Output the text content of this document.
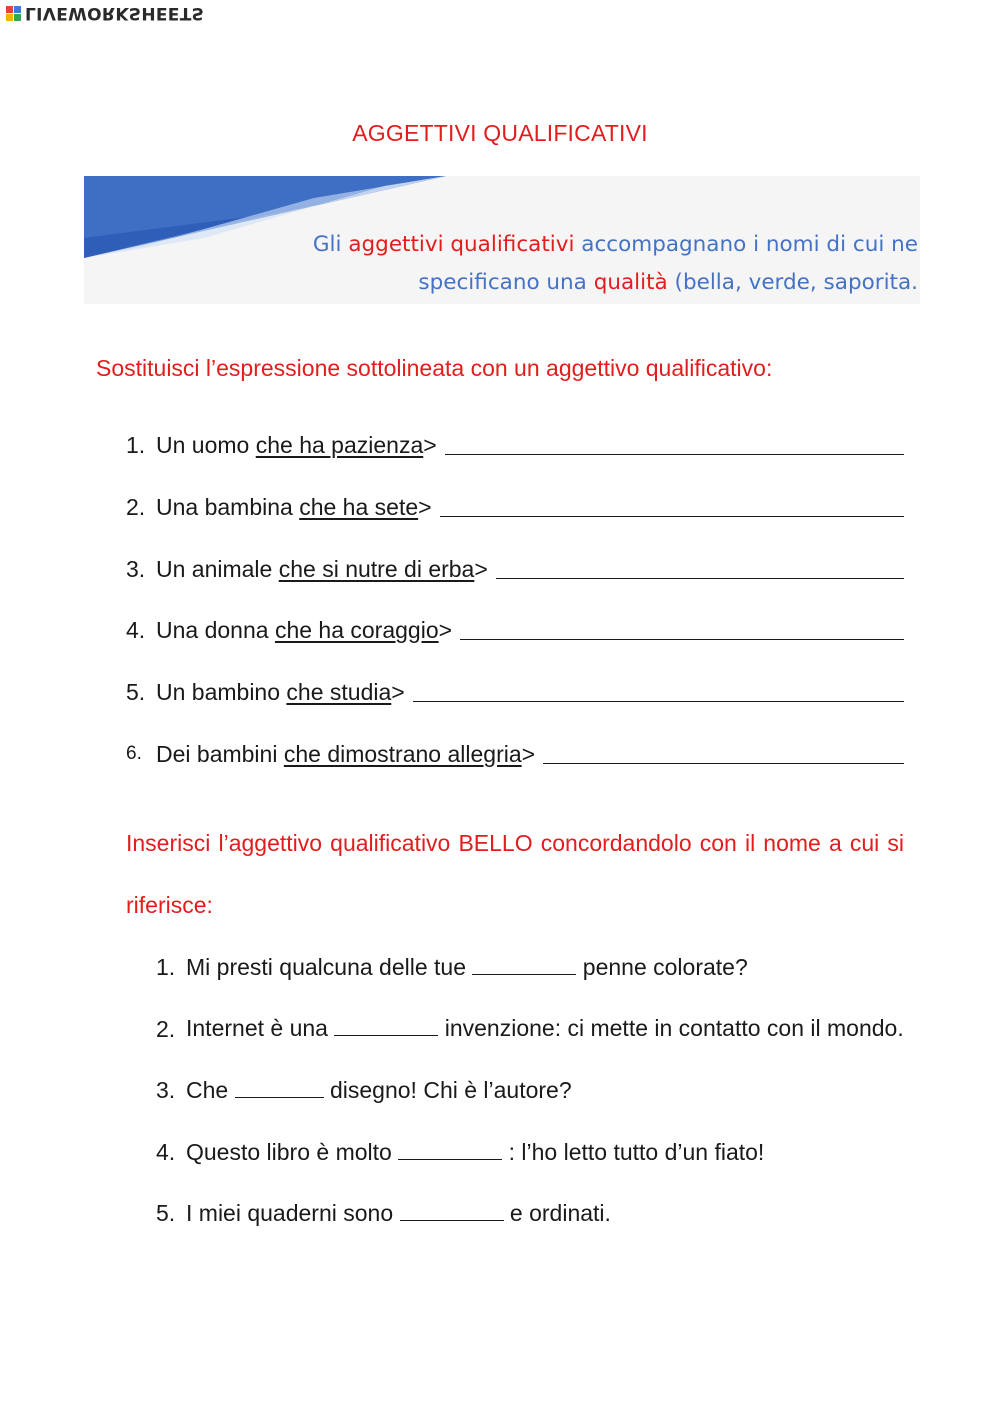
LIVEWORKSHEETS
AGGETTIVI QUALIFICATIVI
Gli aggettivi qualificativi accompagnano i nomi di cui ne
specificano una qualità (bella, verde, saporita.
Sostituisci l’espressione sottolineata con un aggettivo qualificativo:
1. Un uomo
che ha pazienza >
2. Una bambina
che ha sete >
3. Un animale
che si nutre di erba >
4. Una donna
che ha coraggio >
5. Un bambino
che studia >
6. Dei bambini
che dimostrano allegria >
Inserisci l’aggettivo qualificativo BELLO concordandolo con il nome a cui si riferisce:
1. Mi presti qualcuna delle tue	penne colorate?
2. Internet è una	invenzione: ci mette in contatto con il mondo.
3. Che	disegno! Chi è l’autore?
4. Questo libro è molto	: l’ho letto tutto d’un fiato!
5. I miei quaderni sono	e ordinati.
